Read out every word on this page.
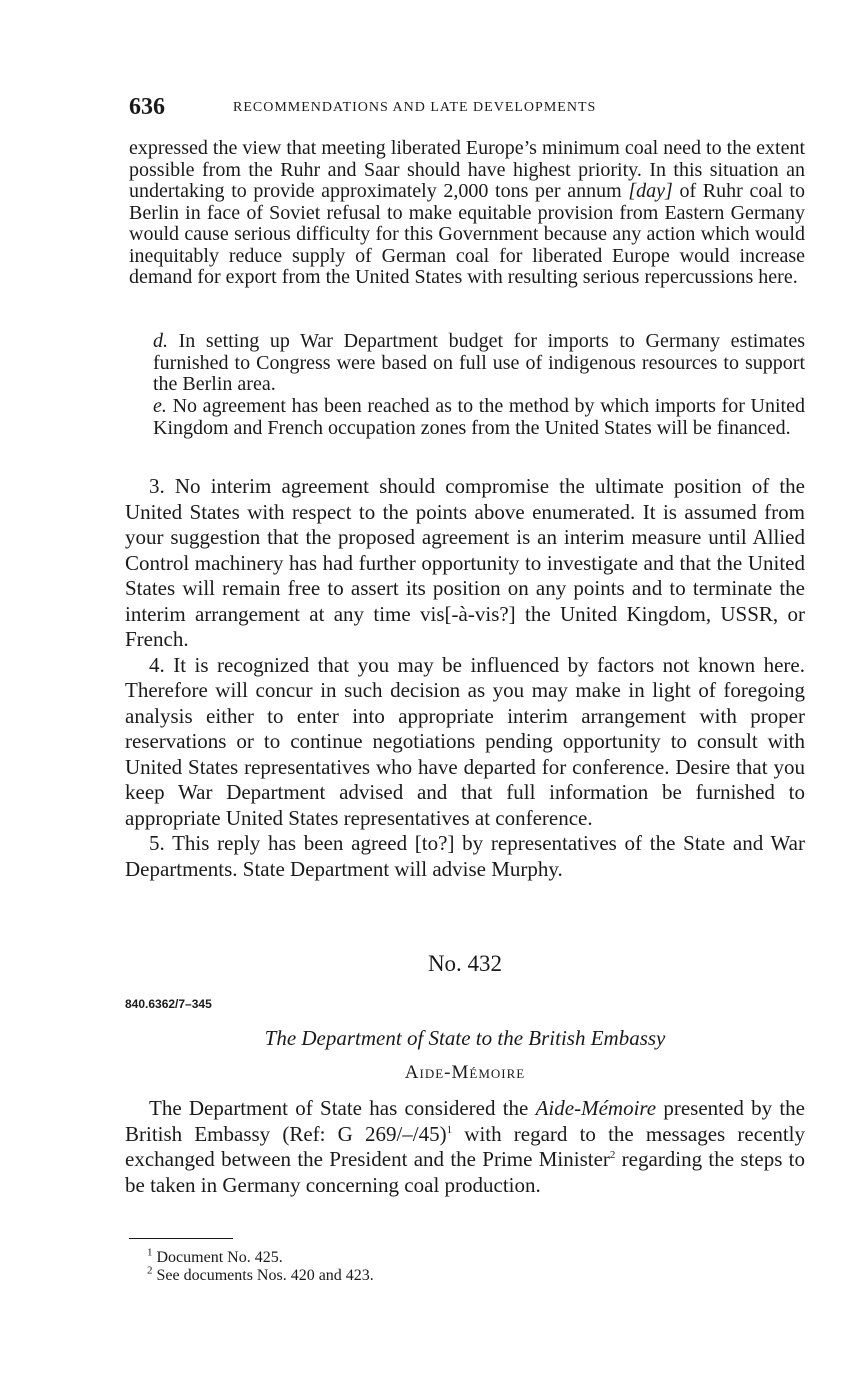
636	RECOMMENDATIONS AND LATE DEVELOPMENTS
expressed the view that meeting liberated Europe’s minimum coal need to the extent possible from the Ruhr and Saar should have highest priority. In this situation an undertaking to provide approximately 2,000 tons per annum [day] of Ruhr coal to Berlin in face of Soviet refusal to make equitable provision from Eastern Germany would cause serious difficulty for this Government because any action which would inequitably reduce supply of German coal for liberated Europe would increase demand for export from the United States with resulting serious repercussions here.
d. In setting up War Department budget for imports to Germany estimates furnished to Congress were based on full use of indigenous resources to support the Berlin area.
e. No agreement has been reached as to the method by which imports for United Kingdom and French occupation zones from the United States will be financed.

3. No interim agreement should compromise the ultimate position of the United States with respect to the points above enumerated. It is assumed from your suggestion that the proposed agreement is an interim measure until Allied Control machinery has had further opportunity to investigate and that the United States will remain free to assert its position on any points and to terminate the interim arrangement at any time vis[-à-vis?] the United Kingdom, USSR, or French.

4. It is recognized that you may be influenced by factors not known here. Therefore will concur in such decision as you may make in light of foregoing analysis either to enter into appropriate interim arrangement with proper reservations or to continue negotiations pending opportunity to consult with United States representatives who have departed for conference. Desire that you keep War Department advised and that full information be furnished to appropriate United States representatives at conference.

5. This reply has been agreed [to?] by representatives of the State and War Departments. State Department will advise Murphy.

No. 432
840.6362/7–345
The Department of State to the British Embassy
Aide-Mémoire

The Department of State has considered the Aide-Mémoire presented by the British Embassy (Ref: G 269/–/45)$^1$ with regard to the messages recently exchanged between the President and the Prime Minister$^2$ regarding the steps to be taken in Germany concerning coal production.

$^1$ Document No. 425.
$^2$ See documents Nos. 420 and 423.
